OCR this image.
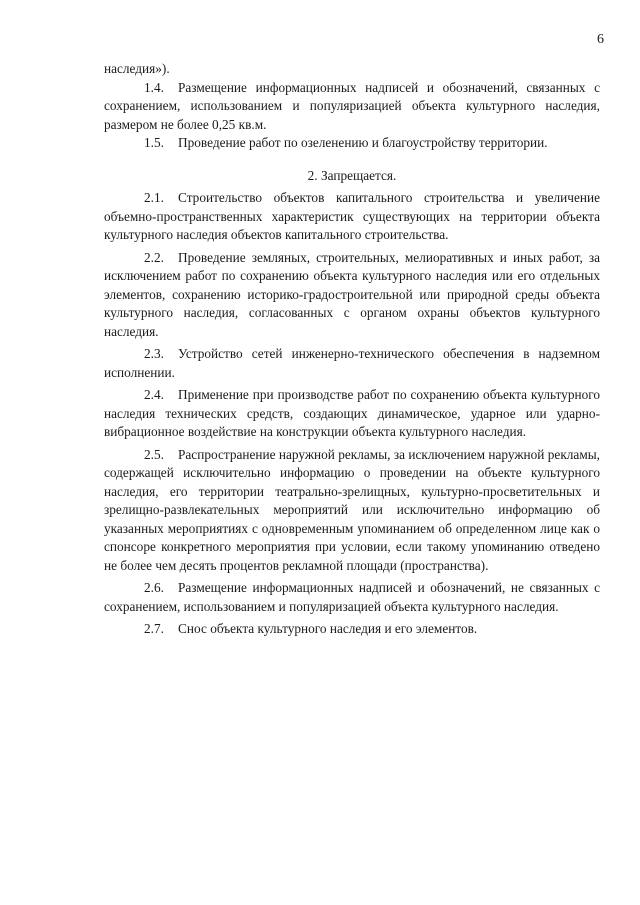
6

наследия»).

1.4. Размещение информационных надписей и обозначений, связанных с сохранением, использованием и популяризацией объекта культурного наследия, размером не более 0,25 кв.м.

1.5. Проведение работ по озеленению и благоустройству территории.

2. Запрещается.

2.1. Строительство объектов капитального строительства и увеличение объемно-пространственных характеристик существующих на территории объекта культурного наследия объектов капитального строительства.

2.2. Проведение земляных, строительных, мелиоративных и иных работ, за исключением работ по сохранению объекта культурного наследия или его отдельных элементов, сохранению историко-градостроительной или природной среды объекта культурного наследия, согласованных с органом охраны объектов культурного наследия.

2.3. Устройство сетей инженерно-технического обеспечения в надземном исполнении.

2.4. Применение при производстве работ по сохранению объекта культурного наследия технических средств, создающих динамическое, ударное или ударно-вибрационное воздействие на конструкции объекта культурного наследия.

2.5. Распространение наружной рекламы, за исключением наружной рекламы, содержащей исключительно информацию о проведении на объекте культурного наследия, его территории театрально-зрелищных, культурно-просветительных и зрелищно-развлекательных мероприятий или исключительно информацию об указанных мероприятиях с одновременным упоминанием об определенном лице как о спонсоре конкретного мероприятия при условии, если такому упоминанию отведено не более чем десять процентов рекламной площади (пространства).

2.6. Размещение информационных надписей и обозначений, не связанных с сохранением, использованием и популяризацией объекта культурного наследия.

2.7. Снос объекта культурного наследия и его элементов.
